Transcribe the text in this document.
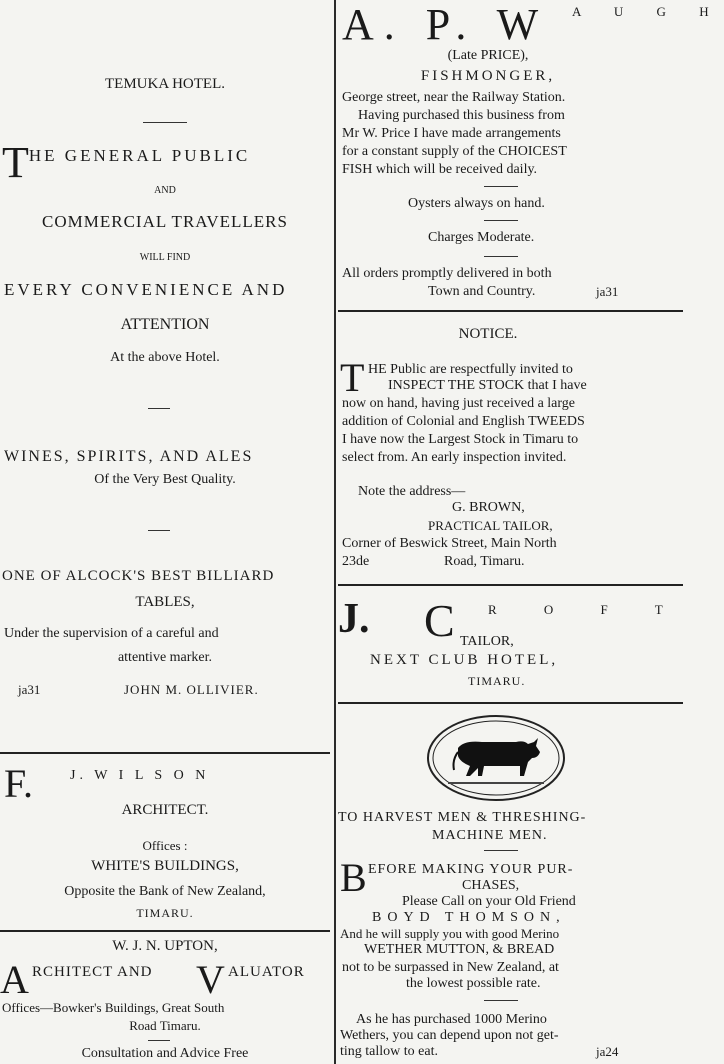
TEMUKA HOTEL.
T HE GENERAL PUBLIC
AND
COMMERCIAL TRAVELLERS
WILL FIND
EVERY CONVENIENCE AND
ATTENTION
At the above Hotel.
WINES, SPIRITS, AND ALES
Of the Very Best Quality.
ONE OF ALCOCK'S BEST BILLIARD
TABLES,
Under the supervision of a careful and
attentive marker.
ja31	JOHN M. OLLIVIER.
F.	J. W I L S O N
ARCHITECT.
Offices :
WHITE'S BUILDINGS,
Opposite the Bank of New Zealand,
TIMARU.
W. J. N. UPTON,
A RCHITECT AND V ALUATOR
Offices—Bowker's Buildings, Great South
Road Timaru.
Consultation and Advice Free
A. P. W A U G H
(Late PRICE),
FISHMONGER,
George street, near the Railway Station.
Having purchased this business from
Mr W. Price I have made arrangements
for a constant supply of the CHOICEST
FISH which will be received daily.
Oysters always on hand.
Charges Moderate.
All orders promptly delivered in both
Town and Country.	ja31
NOTICE.
T HE Public are respectfully invited to
INSPECT THE STOCK that I have
now on hand, having just received a large
addition of Colonial and English TWEEDS
I have now the Largest Stock in Timaru to
select from. An early inspection invited.
Note the address—
G. BROWN,
PRACTICAL TAILOR,
Corner of Beswick Street, Main North
23de	Road, Timaru.
J. C	R O F T
TAILOR,
NEXT CLUB HOTEL,
TIMARU.
TO HARVEST MEN & THRESHING-
MACHINE MEN.
B EFORE MAKING YOUR PUR-
CHASES,
Please Call on your Old Friend
BOYD THOMSON,
And he will supply you with good Merino
WETHER MUTTON, & BREAD
not to be surpassed in New Zealand, at
the lowest possible rate.
As he has purchased 1000 Merino
Wethers, you can depend upon not get-
ting tallow to eat.	ja24
